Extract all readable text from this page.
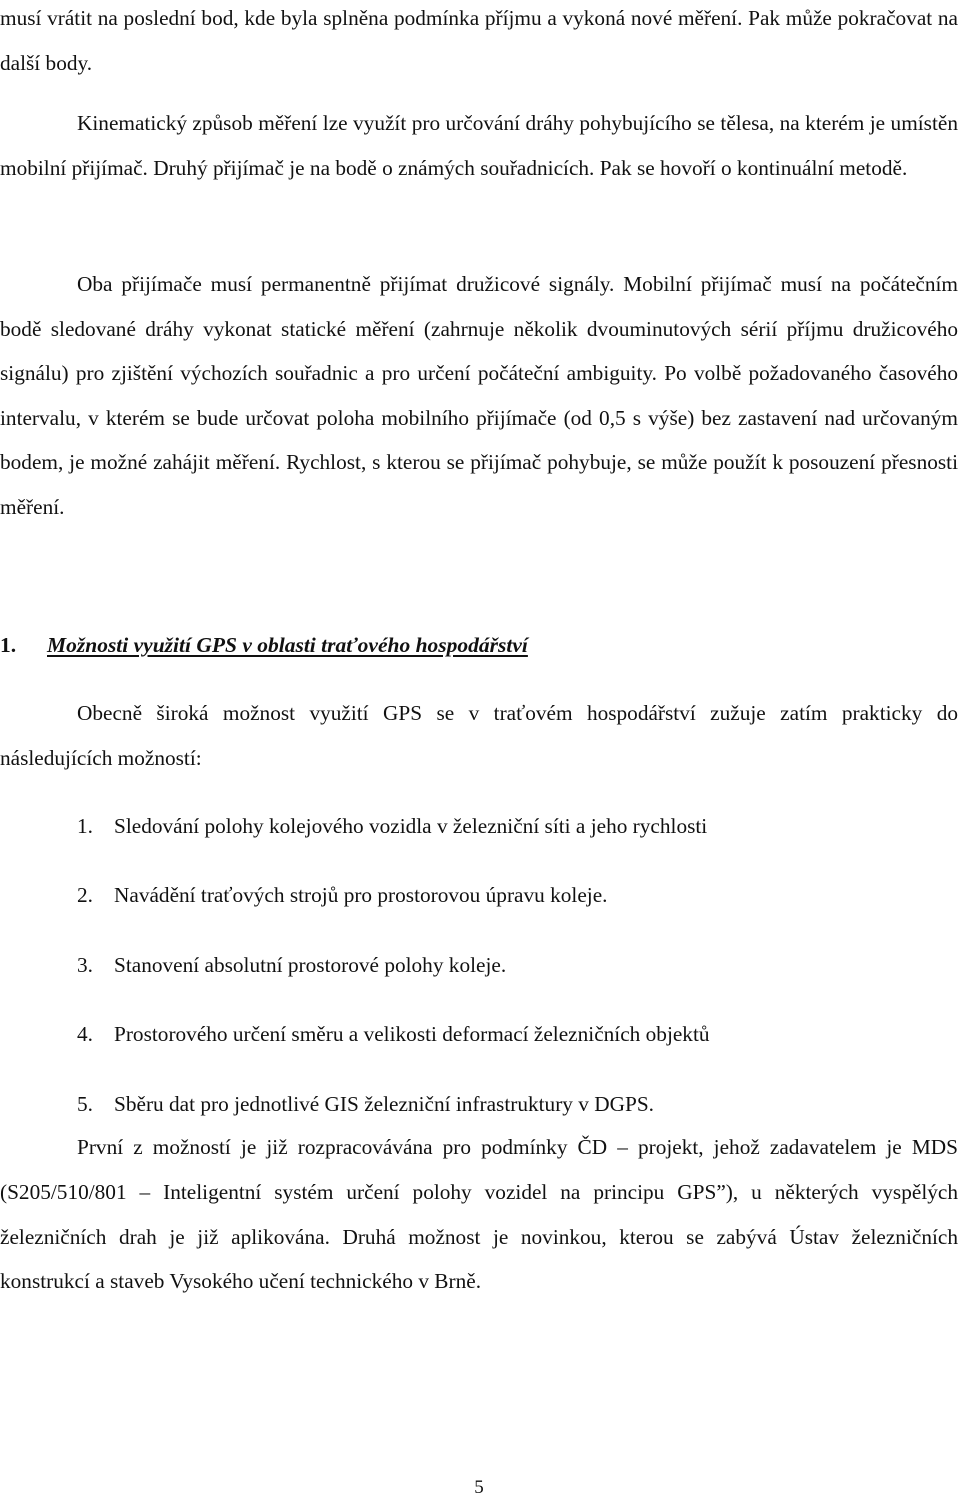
musí vrátit na poslední bod, kde byla splněna podmínka příjmu a vykoná nové měření. Pak může pokračovat na další body.

Kinematický způsob měření lze využít pro určování dráhy pohybujícího se tělesa, na kterém je umístěn mobilní přijímač. Druhý přijímač je na bodě o známých souřadnicích. Pak se hovoří o kontinuální metodě.

Oba přijímače musí permanentně přijímat družicové signály. Mobilní přijímač musí na počátečním bodě sledované dráhy vykonat statické měření (zahrnuje několik dvouminutových sérií příjmu družicového signálu) pro zjištění výchozích souřadnic a pro určení počáteční ambiguity. Po volbě požadovaného časového intervalu, v kterém se bude určovat poloha mobilního přijímače (od 0,5 s výše) bez zastavení nad určovaným bodem, je možné zahájit měření. Rychlost, s kterou se přijímač pohybuje, se může použít k posouzení přesnosti měření.

1. Možnosti využití GPS v oblasti traťového hospodářství

Obecně široká možnost využití GPS se v traťovém hospodářství zužuje zatím prakticky do následujících možností:

1. Sledování polohy kolejového vozidla v železniční síti a jeho rychlosti
2. Navádění traťových strojů pro prostorovou úpravu koleje.
3. Stanovení absolutní prostorové polohy koleje.
4. Prostorového určení směru a velikosti deformací železničních objektů
5. Sběru dat pro jednotlivé GIS železniční infrastruktury v DGPS.

První z možností je již rozpracovávána pro podmínky ČD – projekt, jehož zadavatelem je MDS (S205/510/801 – Inteligentní systém určení polohy vozidel na principu GPS”), u některých vyspělých železničních drah je již aplikována. Druhá možnost je novinkou, kterou se zabývá Ústav železničních konstrukcí a staveb Vysokého učení technického v Brně.

5
